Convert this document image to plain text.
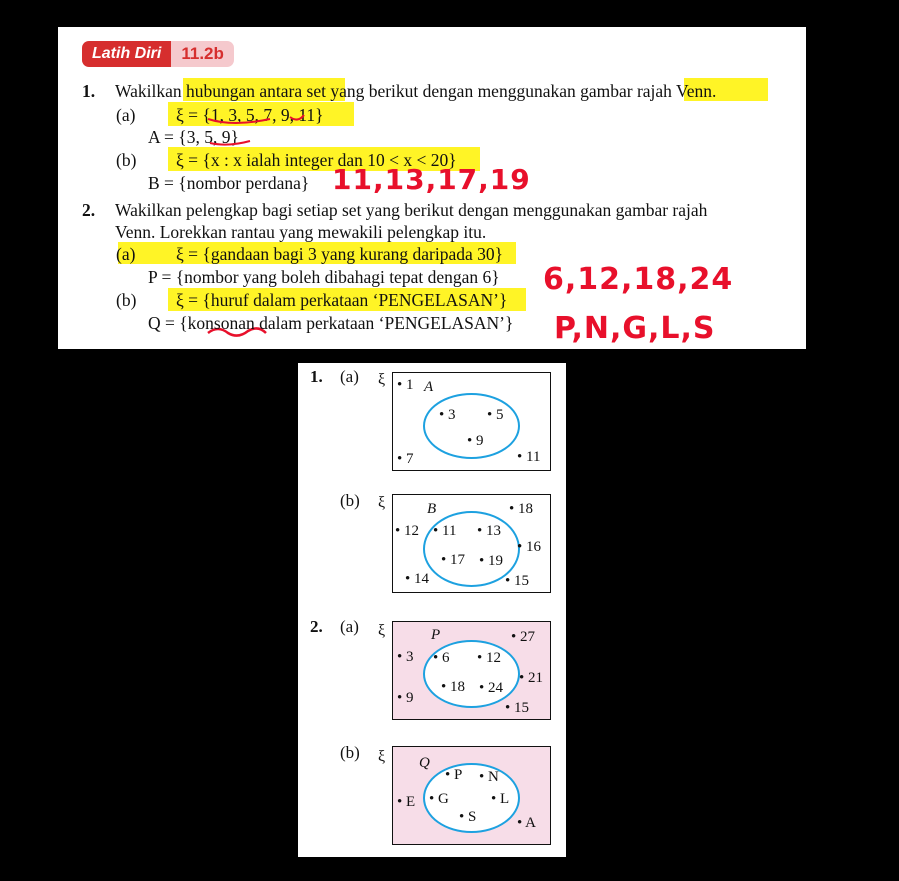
Latih Diri	11.2b
1. Wakilkan hubungan antara set yang berikut dengan menggunakan gambar rajah Venn.
(a) ξ = {1, 3, 5, 7, 9, 11}
A = {3, 5, 9}
(b) ξ = {x : x ialah integer dan 10 < x < 20}
B = {nombor perdana} 11,13,17,19
2. Wakilkan pelengkap bagi setiap set yang berikut dengan menggunakan gambar rajah
Venn. Lorekkan rantau yang mewakili pelengkap itu.
(a) ξ = {gandaan bagi 3 yang kurang daripada 30}
P = {nombor yang boleh dibahagi tepat dengan 6}
(b) ξ = {huruf dalam perkataan ‘PENGELASAN’}
Q = {konsonan dalam perkataan ‘PENGELASAN’}
6,12,18,24
P,N,G,L,S
1. (a) ξ	A
• 1
• 3 • 5
• 9
• 7	• 11
(b) ξ	B	• 18
• 12 • 11 • 13
• 16
• 17 • 19
• 14	• 15
2. (a) ξ	P	• 27
• 3 • 6 • 12
• 21
• 18 • 24
• 9
• 15
(b) ξ Q
• P • N
• E • G	• L
• S	• A
